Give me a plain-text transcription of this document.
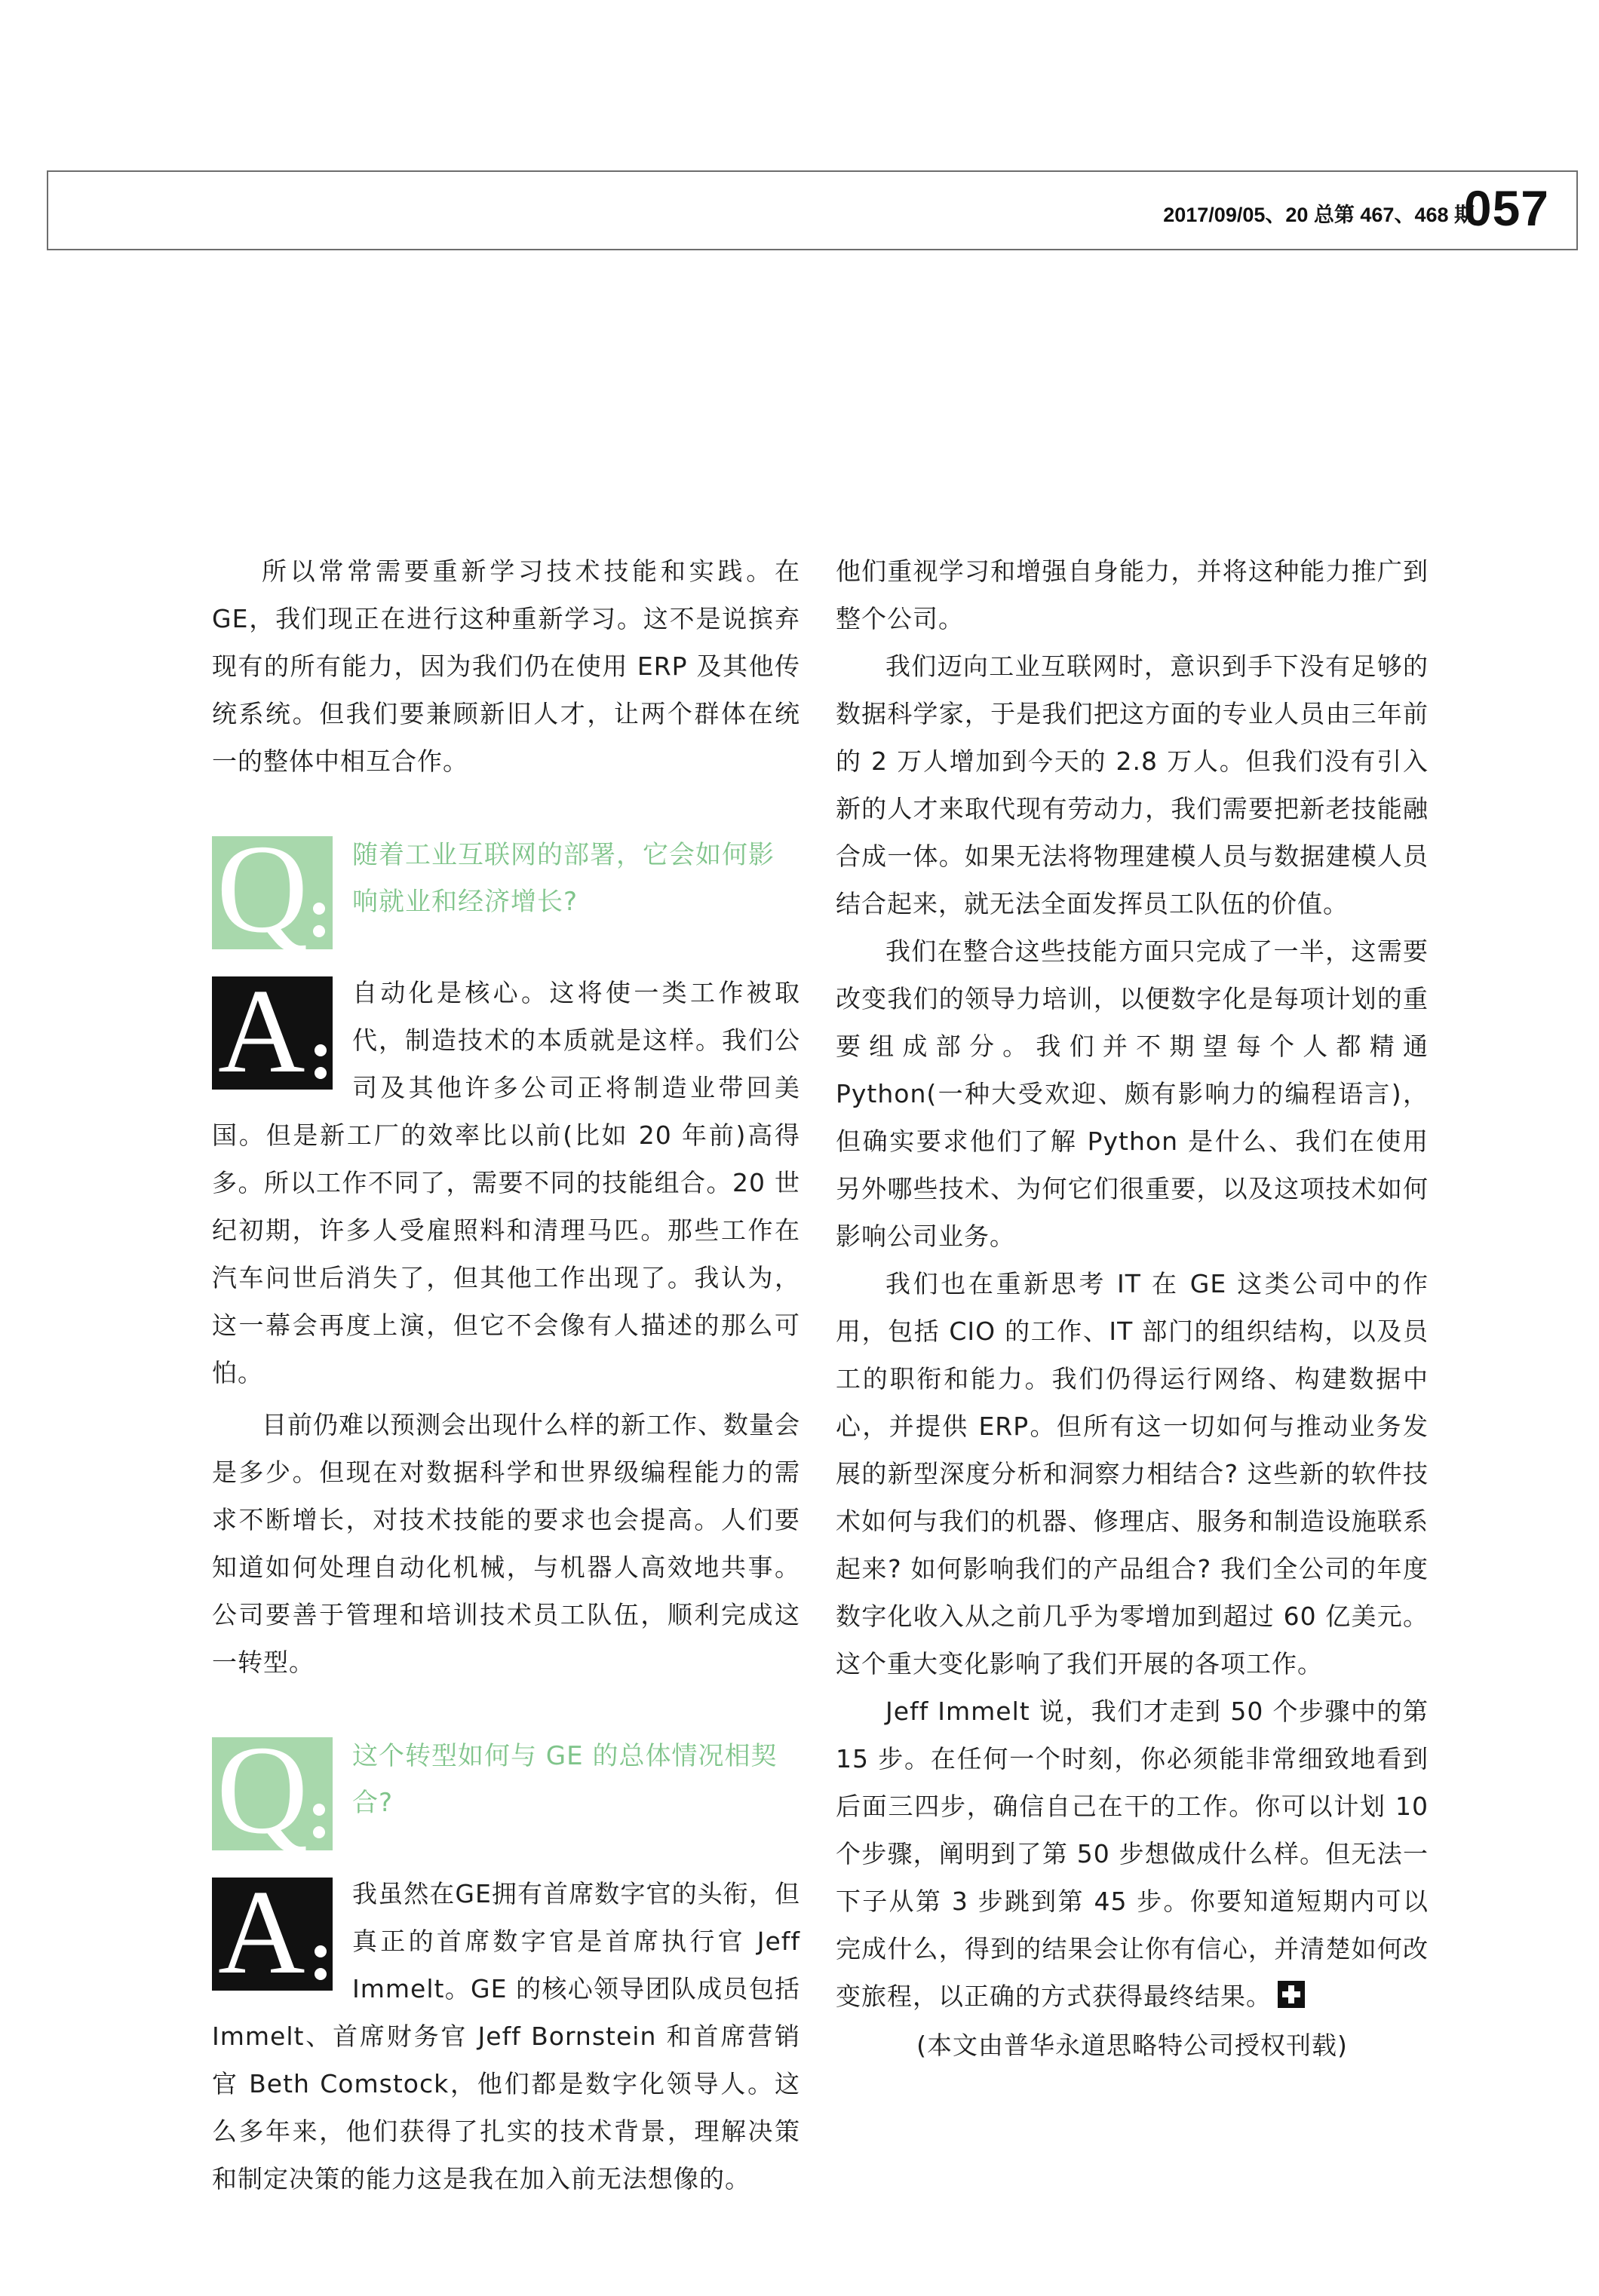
2017/09/05、20 总第 467、468 期
057

所以常常需要重新学习技术技能和实践。在 GE，我们现正在进行这种重新学习。这不是说摈弃现有的所有能力，因为我们仍在使用 ERP 及其他传统系统。但我们要兼顾新旧人才，让两个群体在统一的整体中相互合作。

Q	随着工业互联网的部署，它会如何影响就业和经济增长?
A	自动化是核心。这将使一类工作被取代，制造技术的本质就是这样。我们公司及其他许多公司正将制造业带回美国。但是新工厂的效率比以前(比如 20 年前)高得多。所以工作不同了，需要不同的技能组合。20 世纪初期，许多人受雇照料和清理马匹。那些工作在汽车问世后消失了，但其他工作出现了。我认为，这一幕会再度上演，但它不会像有人描述的那么可怕。

目前仍难以预测会出现什么样的新工作、数量会是多少。但现在对数据科学和世界级编程能力的需求不断增长，对技术技能的要求也会提高。人们要知道如何处理自动化机械，与机器人高效地共事。公司要善于管理和培训技术员工队伍，顺利完成这一转型。

Q	这个转型如何与 GE 的总体情况相契合?
A	我虽然在GE拥有首席数字官的头衔，但真正的首席数字官是首席执行官 Jeff Immelt。GE 的核心领导团队成员包括 Immelt、首席财务官 Jeff Bornstein 和首席营销官 Beth Comstock，他们都是数字化领导人。这么多年来，他们获得了扎实的技术背景，理解决策和制定决策的能力这是我在加入前无法想像的。

他们重视学习和增强自身能力，并将这种能力推广到整个公司。

我们迈向工业互联网时，意识到手下没有足够的数据科学家，于是我们把这方面的专业人员由三年前的 2 万人增加到今天的 2.8 万人。但我们没有引入新的人才来取代现有劳动力，我们需要把新老技能融合成一体。如果无法将物理建模人员与数据建模人员结合起来，就无法全面发挥员工队伍的价值。

我们在整合这些技能方面只完成了一半，这需要改变我们的领导力培训，以便数字化是每项计划的重要组成部分。我们并不期望每个人都精通 Python(一种大受欢迎、颇有影响力的编程语言)，但确实要求他们了解 Python 是什么、我们在使用另外哪些技术、为何它们很重要，以及这项技术如何影响公司业务。

我们也在重新思考 IT 在 GE 这类公司中的作用，包括 CIO 的工作、IT 部门的组织结构，以及员工的职衔和能力。我们仍得运行网络、构建数据中心，并提供 ERP。但所有这一切如何与推动业务发展的新型深度分析和洞察力相结合? 这些新的软件技术如何与我们的机器、修理店、服务和制造设施联系起来? 如何影响我们的产品组合? 我们全公司的年度数字化收入从之前几乎为零增加到超过 60 亿美元。这个重大变化影响了我们开展的各项工作。

Jeff Immelt 说，我们才走到 50 个步骤中的第 15 步。在任何一个时刻，你必须能非常细致地看到后面三四步，确信自己在干的工作。你可以计划 10 个步骤，阐明到了第 50 步想做成什么样。但无法一下子从第 3 步跳到第 45 步。你要知道短期内可以完成什么，得到的结果会让你有信心，并清楚如何改变旅程，以正确的方式获得最终结果。

(本文由普华永道思略特公司授权刊载)
